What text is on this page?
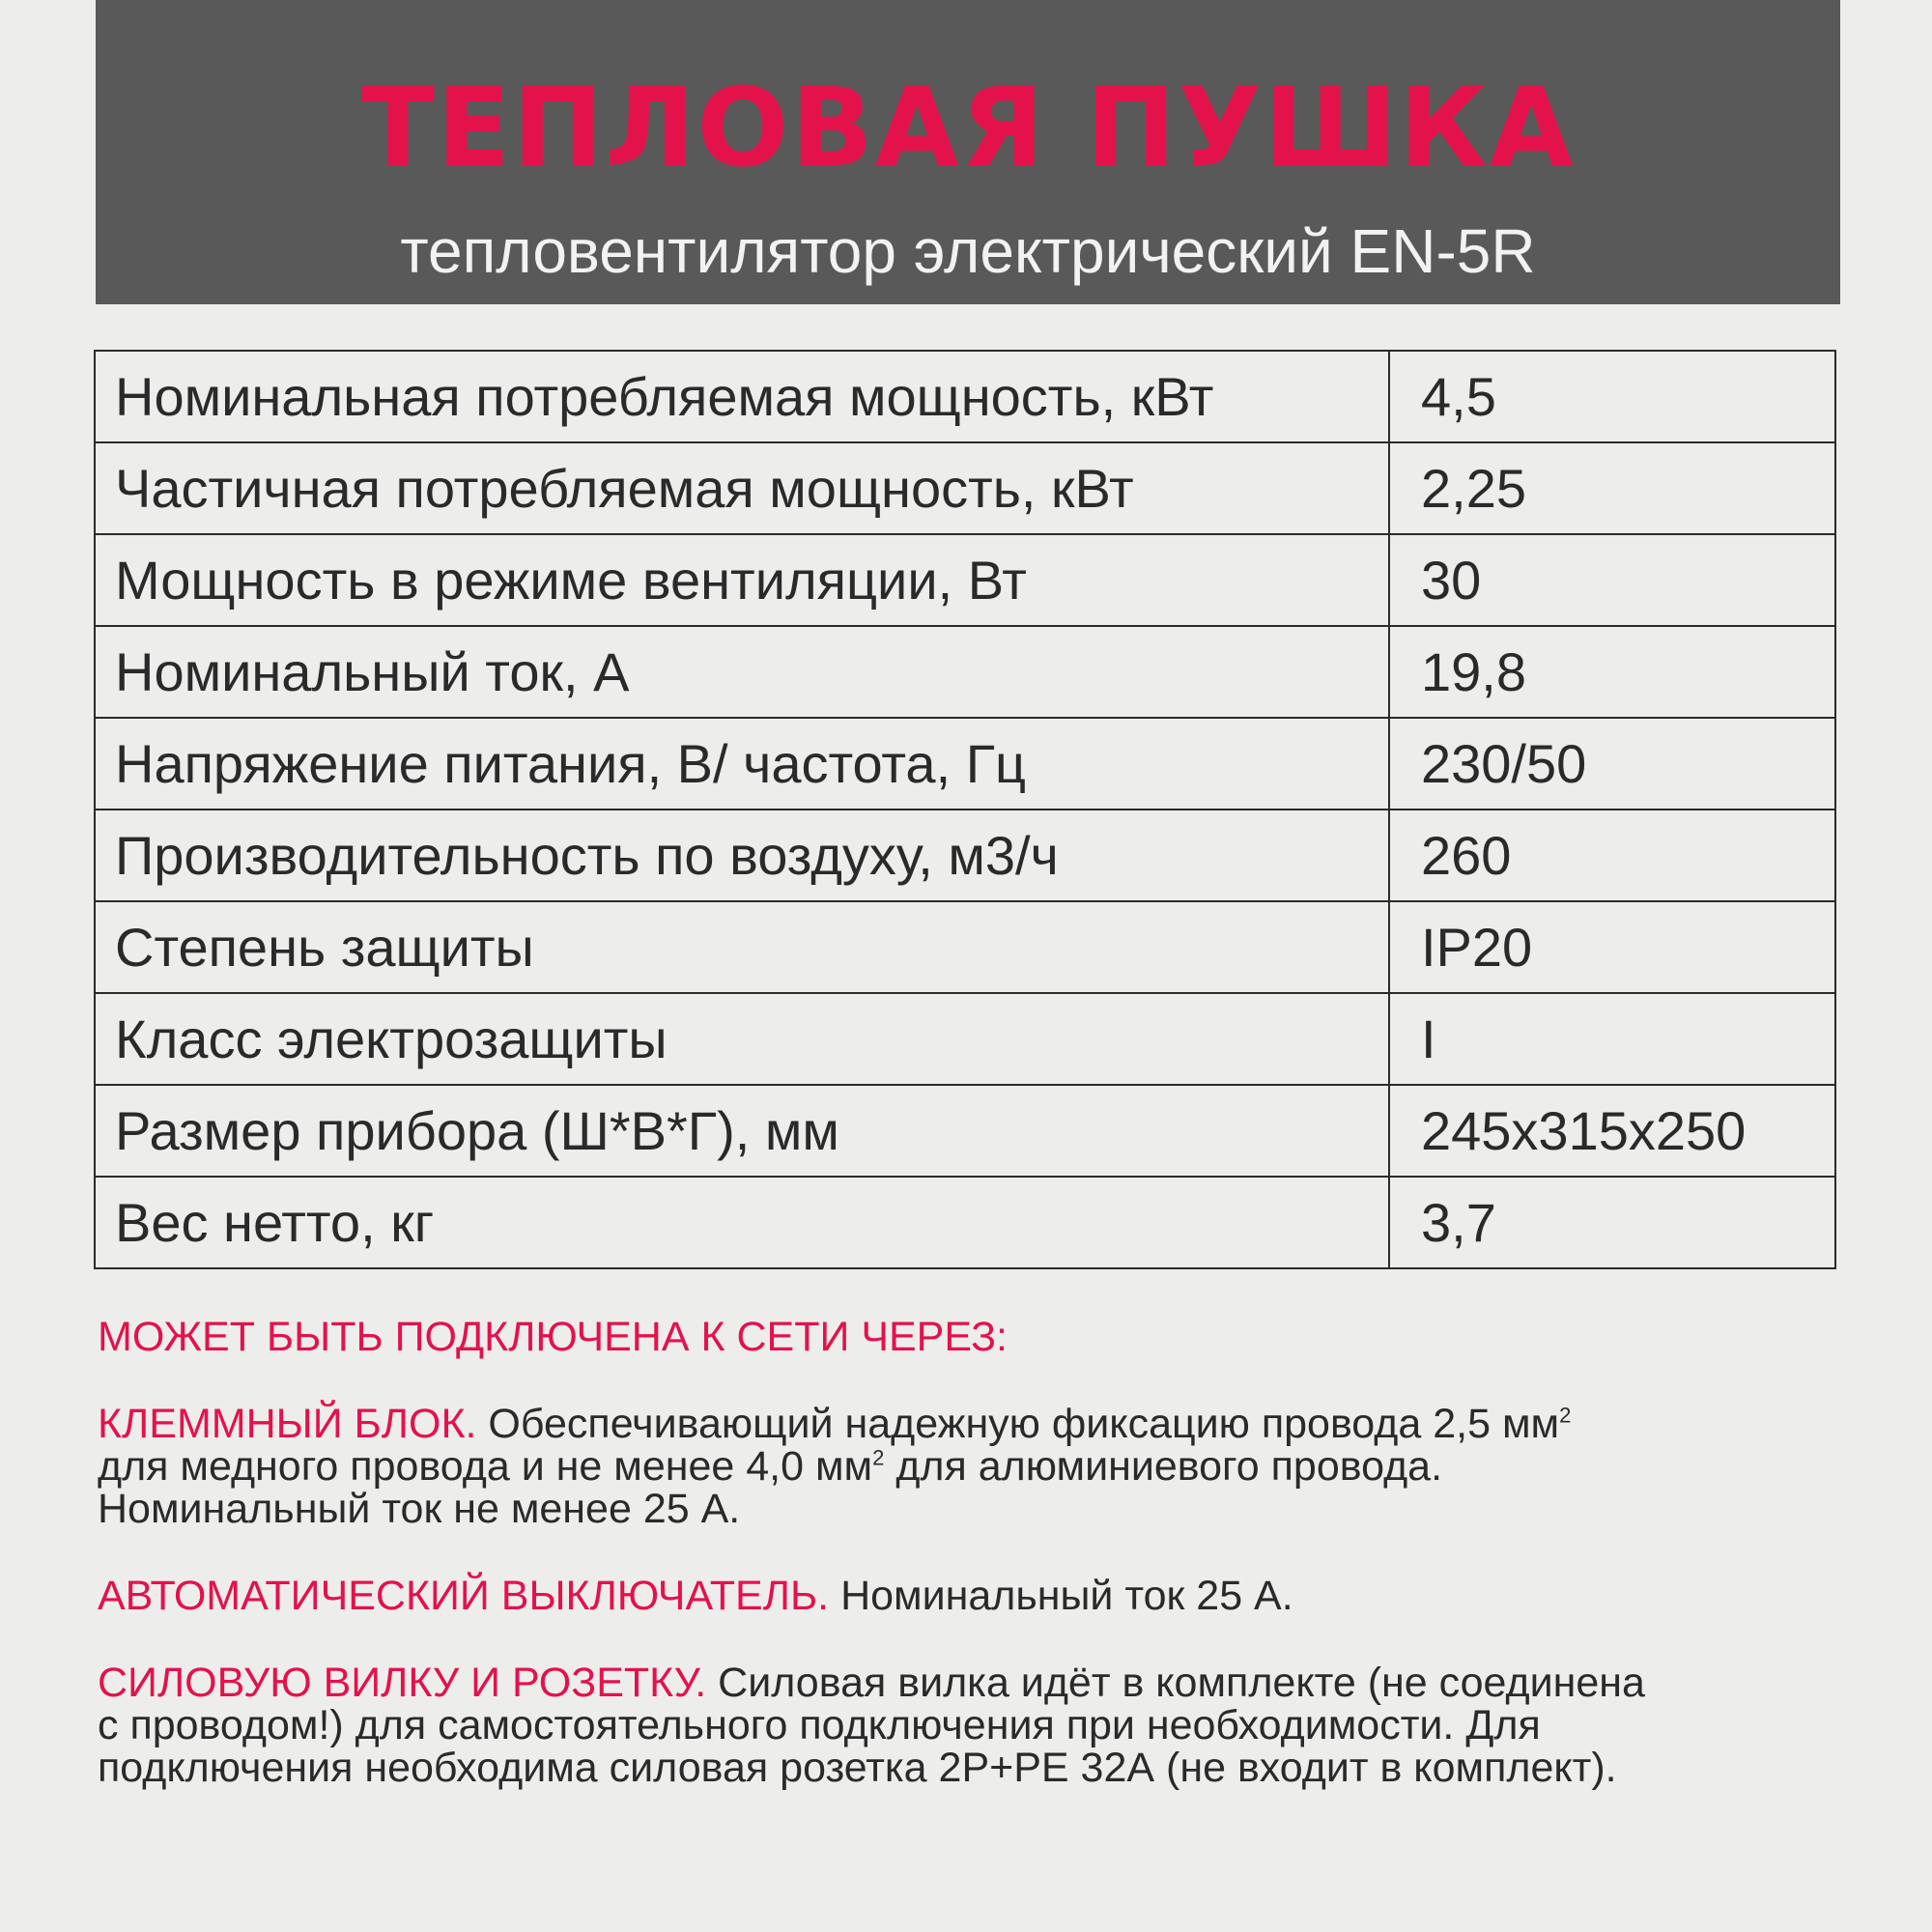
ТЕПЛОВАЯ ПУШКА
тепловентилятор электрический EN-5R
Номинальная потребляемая мощность, кВт	4,5
Частичная потребляемая мощность, кВт	2,25
Мощность в режиме вентиляции, Вт	30
Номинальный ток, А	19,8
Напряжение питания, В/ частота, Гц	230/50
Производительность по воздуху, м3/ч	260
Степень защиты	IP20
Класс электрозащиты	I
Размер прибора (Ш*В*Г), мм	245x315x250
Вес нетто, кг	3,7

МОЖЕТ БЫТЬ ПОДКЛЮЧЕНА К СЕТИ ЧЕРЕЗ:

КЛЕММНЫЙ БЛОК. Обеспечивающий надежную фиксацию провода 2,5 $мм^2$

для медного провода и не менее 4,0 $мм^2$ для алюминиевого провода.

Номинальный ток не менее 25 А.

АВТОМАТИЧЕСКИЙ ВЫКЛЮЧАТЕЛЬ. Номинальный ток 25 А.

СИЛОВУЮ ВИЛКУ И РОЗЕТКУ. Силовая вилка идёт в комплекте (не соединена

с проводом!) для самостоятельного подключения при необходимости. Для

подключения необходима силовая розетка 2Р+РЕ 32А (не входит в комплект).
